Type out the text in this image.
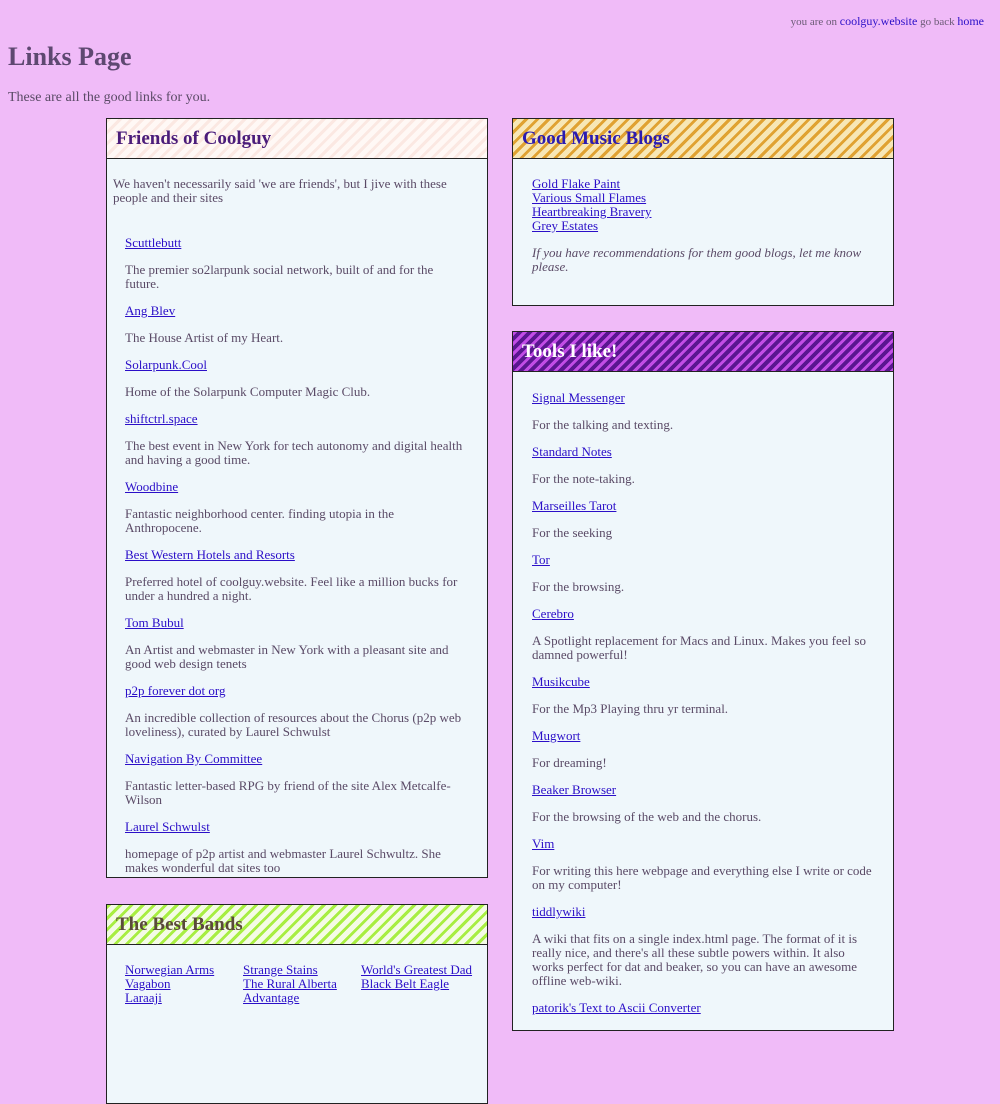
you are on coolguy.website go back home
Links Page

These are all the good links for you.

Friends of Coolguy

We haven't necessarily said 'we are friends', but I jive with these people and their sites

Scuttlebutt

The premier so2larpunk social network, built of and for the future.

Ang Blev

The House Artist of my Heart.

Solarpunk.Cool

Home of the Solarpunk Computer Magic Club.

shiftctrl.space

The best event in New York for tech autonomy and digital health and having a good time.

Woodbine

Fantastic neighborhood center. finding utopia in the Anthropocene.

Best Western Hotels and Resorts

Preferred hotel of coolguy.website. Feel like a million bucks for under a hundred a night.

Tom Bubul

An Artist and webmaster in New York with a pleasant site and good web design tenets

p2p forever dot org

An incredible collection of resources about the Chorus (p2p web loveliness), curated by Laurel Schwulst

Navigation By Committee

Fantastic letter-based RPG by friend of the site Alex Metcalfe-Wilson

Laurel Schwulst

homepage of p2p artist and webmaster Laurel Schwultz. She makes wonderful dat sites too

Good Music Blogs
Gold Flake Paint
Various Small Flames
Heartbreaking Bravery
Grey Estates

If you have recommendations for them good blogs, let me know please.

Tools I like!
Signal Messenger

For the talking and texting.

Standard Notes

For the note-taking.

Marseilles Tarot

For the seeking

Tor

For the browsing.

Cerebro

A Spotlight replacement for Macs and Linux. Makes you feel so damned powerful!

Musikcube

For the Mp3 Playing thru yr terminal.

Mugwort

For dreaming!

Beaker Browser

For the browsing of the web and the chorus.

Vim

For writing this here webpage and everything else I write or code on my computer!

tiddlywiki

A wiki that fits on a single index.html page. The format of it is really nice, and there's all these subtle powers within. It also works perfect for dat and beaker, so you can have an awesome offline web-wiki.

patorik's Text to Ascii Converter
The Best Bands
Norwegian Arms
Vagabon
Laraaji
Strange Stains
The Rural Alberta Advantage
World's Greatest Dad
Black Belt Eagle
